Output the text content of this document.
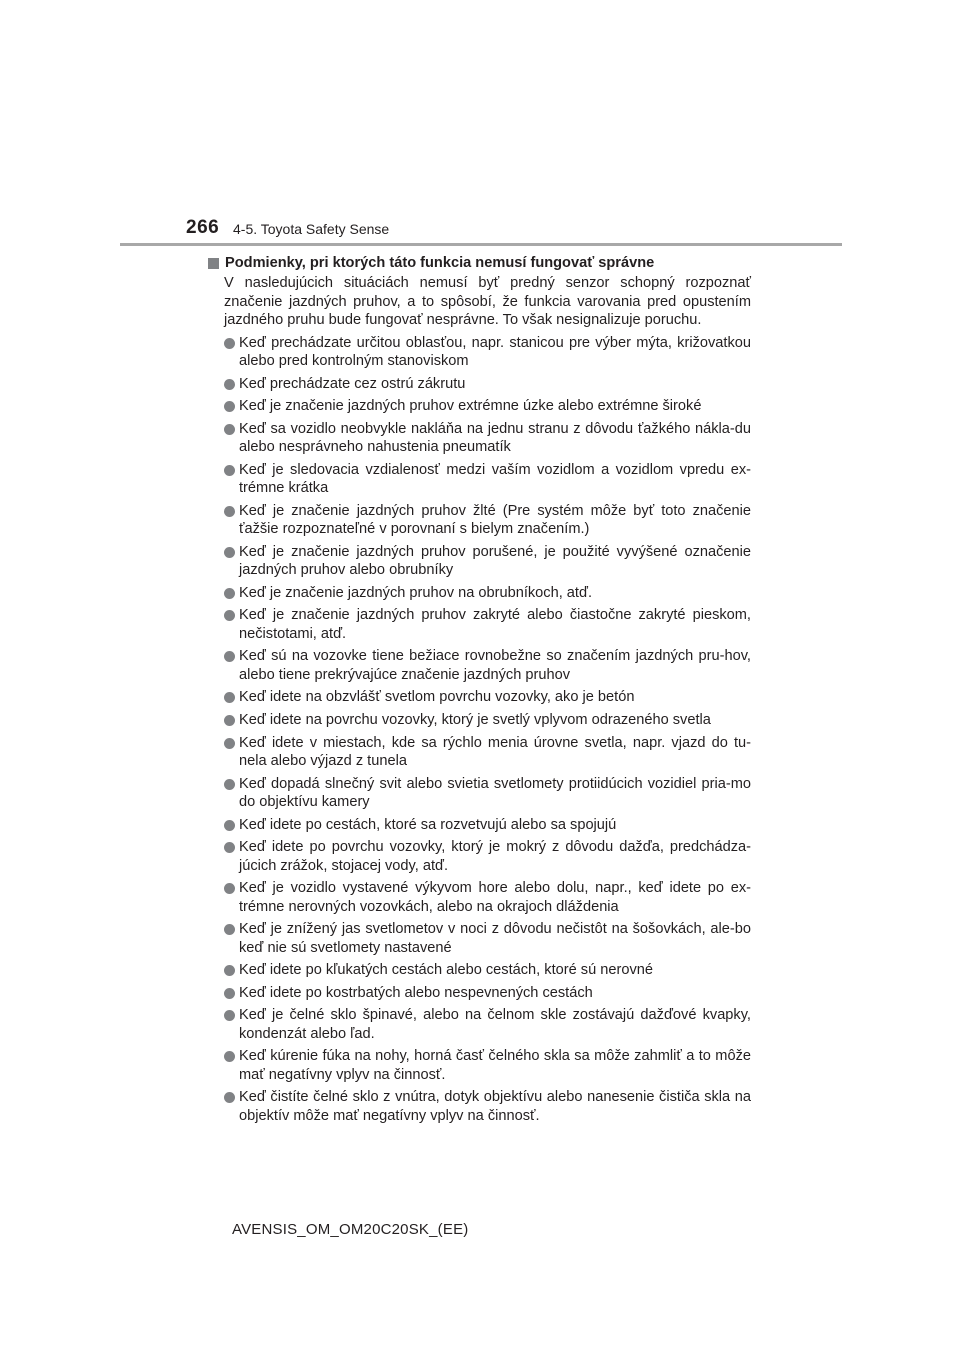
266 4-5. Toyota Safety Sense
Podmienky, pri ktorých táto funkcia nemusí fungovať správne
V nasledujúcich situáciách nemusí byť predný senzor schopný rozpoznať značenie jazdných pruhov, a to spôsobí, že funkcia varovania pred opustením jazdného pruhu bude fungovať nesprávne. To však nesignalizuje poruchu.
Keď prechádzate určitou oblasťou, napr. stanicou pre výber mýta, križovatkou alebo pred kontrolným stanoviskom
Keď prechádzate cez ostrú zákrutu
Keď je značenie jazdných pruhov extrémne úzke alebo extrémne široké
Keď sa vozidlo neobvykle nakláňa na jednu stranu z dôvodu ťažkého nákla-du alebo nesprávneho nahustenia pneumatík
Keď je sledovacia vzdialenosť medzi vaším vozidlom a vozidlom vpredu ex-trémne krátka
Keď je značenie jazdných pruhov žlté (Pre systém môže byť toto značenie ťažšie rozpoznateľné v porovnaní s bielym značením.)
Keď je značenie jazdných pruhov porušené, je použité vyvýšené označenie jazdných pruhov alebo obrubníky
Keď je značenie jazdných pruhov na obrubníkoch, atď.
Keď je značenie jazdných pruhov zakryté alebo čiastočne zakryté pieskom, nečistotami, atď.
Keď sú na vozovke tiene bežiace rovnobežne so značením jazdných pru-hov, alebo tiene prekrývajúce značenie jazdných pruhov
Keď idete na obzvlášť svetlom povrchu vozovky, ako je betón
Keď idete na povrchu vozovky, ktorý je svetlý vplyvom odrazeného svetla
Keď idete v miestach, kde sa rýchlo menia úrovne svetla, napr. vjazd do tu-nela alebo výjazd z tunela
Keď dopadá slnečný svit alebo svietia svetlomety protiidúcich vozidiel pria-mo do objektívu kamery
Keď idete po cestách, ktoré sa rozvetvujú alebo sa spojujú
Keď idete po povrchu vozovky, ktorý je mokrý z dôvodu dažďa, predchádza-júcich zrážok, stojacej vody, atď.
Keď je vozidlo vystavené výkyvom hore alebo dolu, napr., keď idete po ex-trémne nerovných vozovkách, alebo na okrajoch dláždenia
Keď je znížený jas svetlometov v noci z dôvodu nečistôt na šošovkách, ale-bo keď nie sú svetlomety nastavené
Keď idete po kľukatých cestách alebo cestách, ktoré sú nerovné
Keď idete po kostrbatých alebo nespevnených cestách
Keď je čelné sklo špinavé, alebo na čelnom skle zostávajú dažďové kvapky, kondenzát alebo ľad.
Keď kúrenie fúka na nohy, horná časť čelného skla sa môže zahmliť a to môže mať negatívny vplyv na činnosť.
Keď čistíte čelné sklo z vnútra, dotyk objektívu alebo nanesenie čističa skla na objektív môže mať negatívny vplyv na činnosť.
AVENSIS_OM_OM20C20SK_(EE)
